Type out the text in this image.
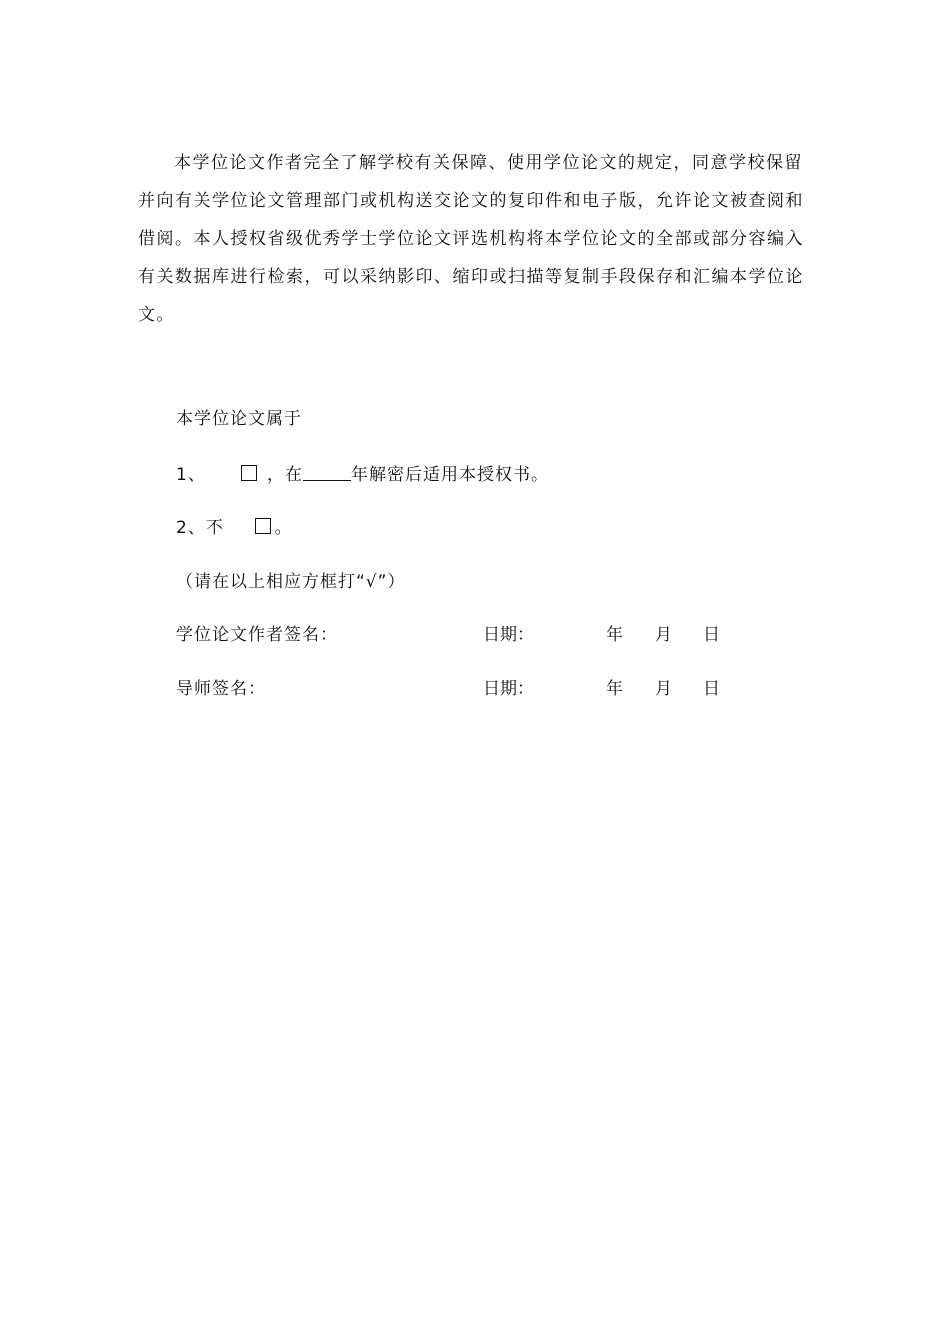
本学位论文作者完全了解学校有关保障、使用学位论文的规定，同意学校保留
并向有关学位论文管理部门或机构送交论文的复印件和电子版，允许论文被查阅和
借阅。本人授权省级优秀学士学位论文评选机构将本学位论文的全部或部分容编入
有关数据库进行检索，可以采纳影印、缩印或扫描等复制手段保存和汇编本学位论
文。
本学位论文属于
1、	，在	年解密后适用本授权书。
2、不	。
（请在以上相应方框打“√”）
学位论文作者签名：	日期：	年 月 日
导师签名：	日期：	年 月 日
